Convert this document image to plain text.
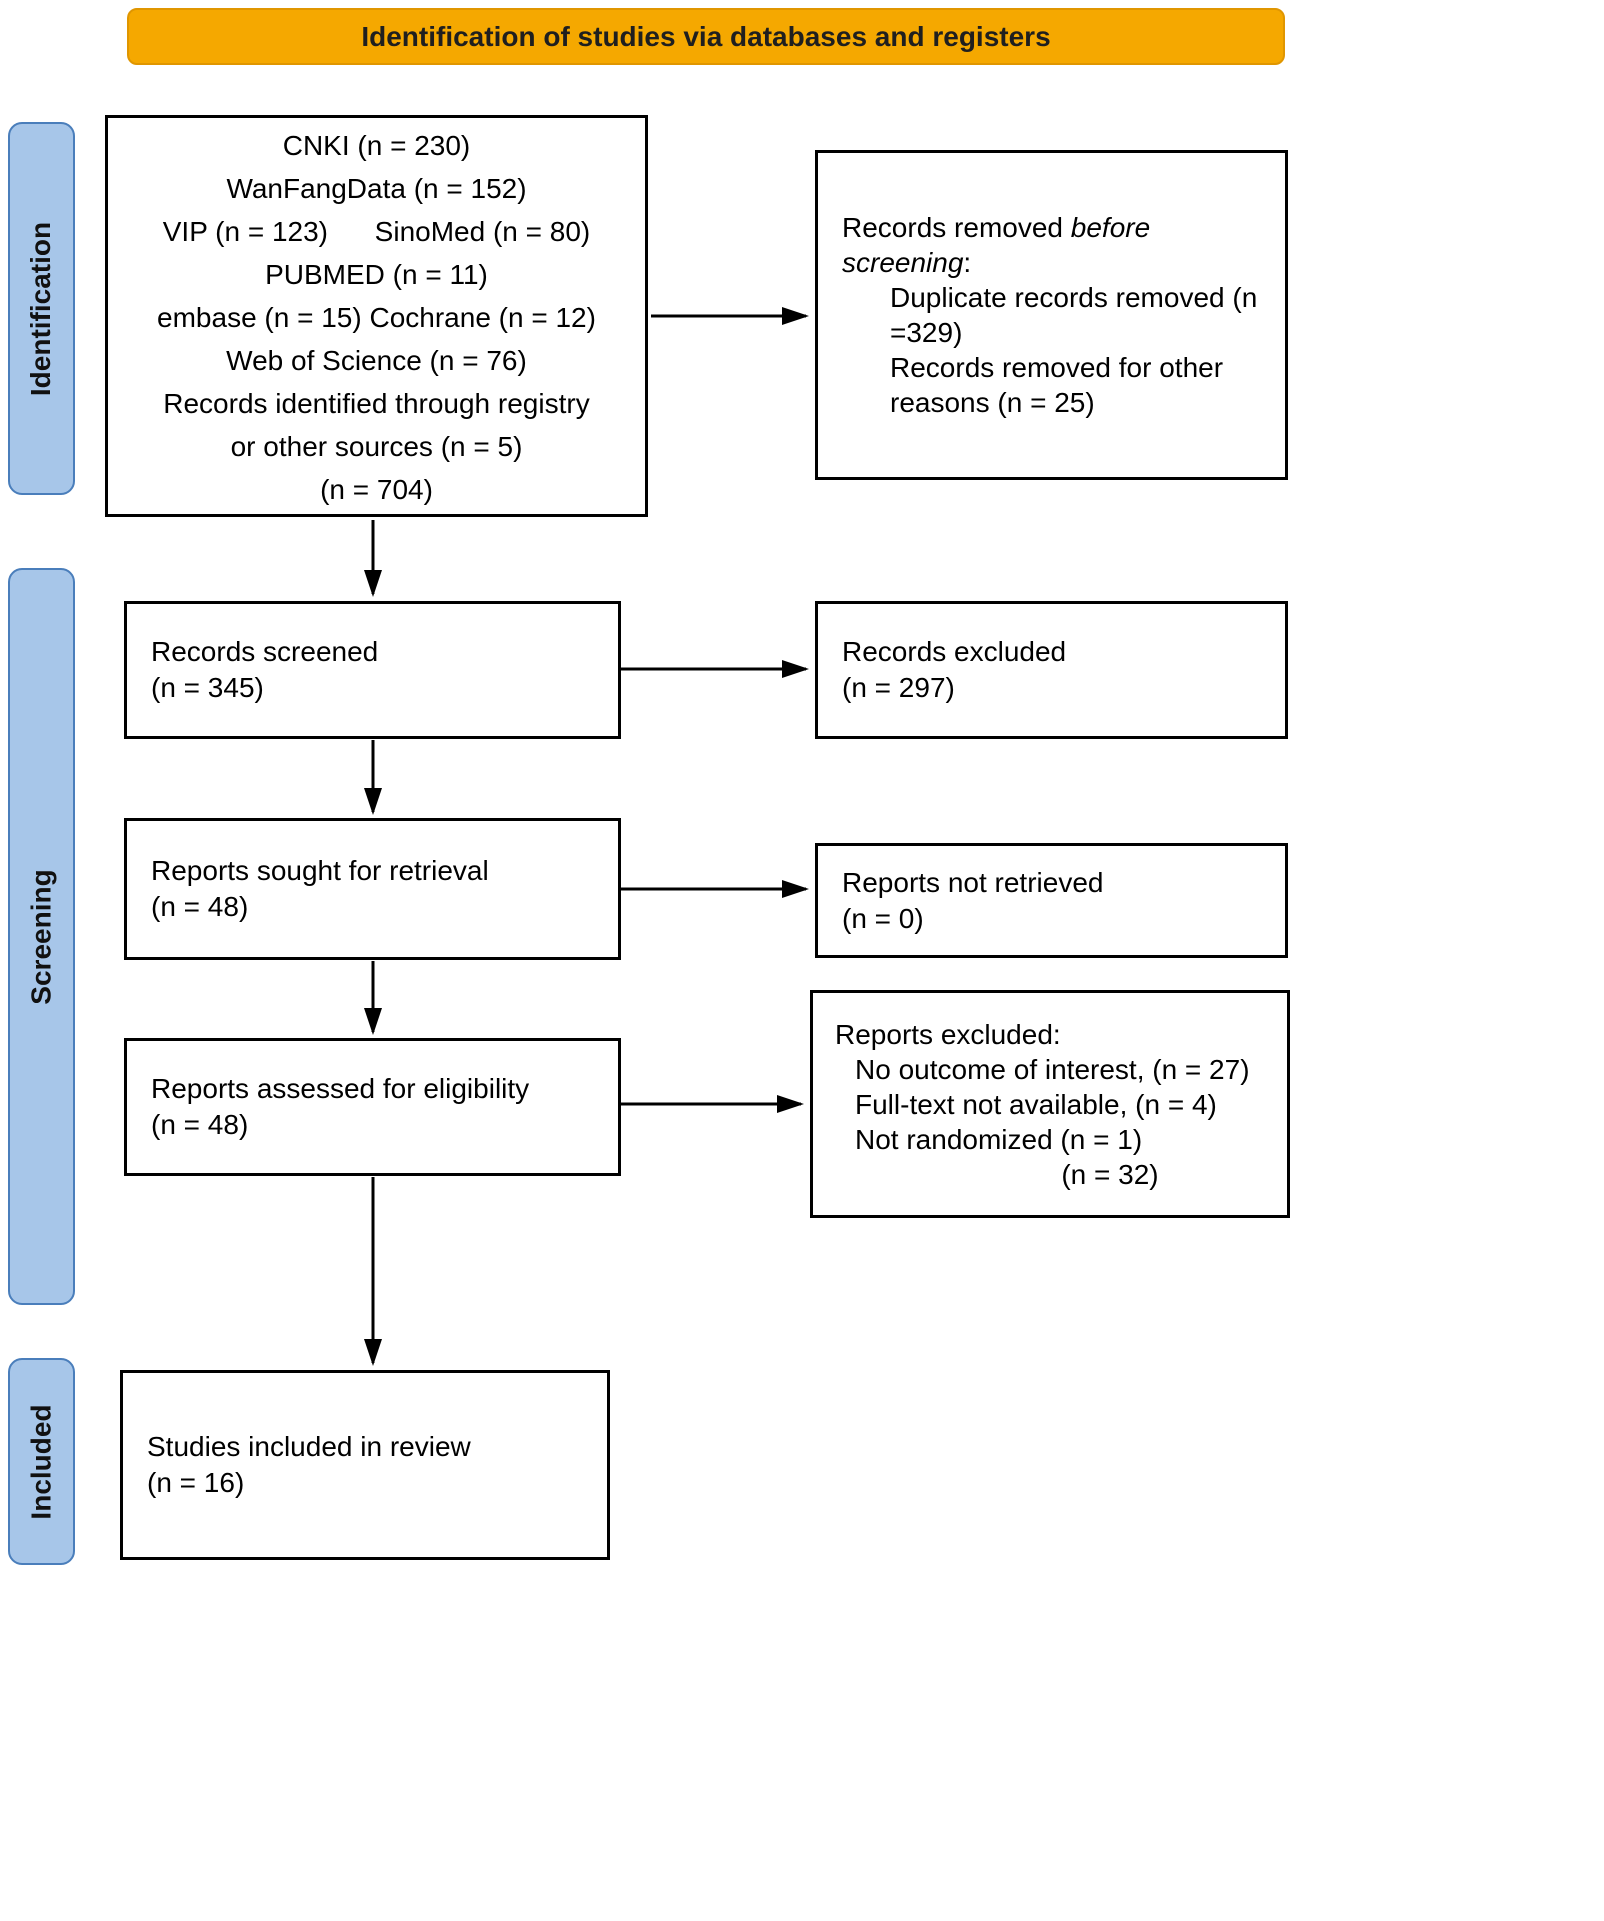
Identification of studies via databases and registers
Identification
Screening
Included
CNKI (n = 230)
WanFangData (n = 152)
VIP (n = 123)      SinoMed (n = 80)
PUBMED (n = 11)
embase (n = 15) Cochrane (n = 12)
Web of Science (n = 76)
Records identified through registry
or other sources (n = 5)
(n = 704)
Records removed before screening:
Duplicate records removed (n =329)
Records removed for other reasons (n = 25)
Records screened
(n = 345)
Records excluded
(n = 297)
Reports sought for retrieval
(n = 48)
Reports not retrieved
(n = 0)
Reports assessed for eligibility
(n = 48)
Reports excluded:
No outcome of interest, (n = 27)
Full-text not available, (n = 4)
Not randomized (n = 1)
(n = 32)
Studies included in review
(n = 16)
